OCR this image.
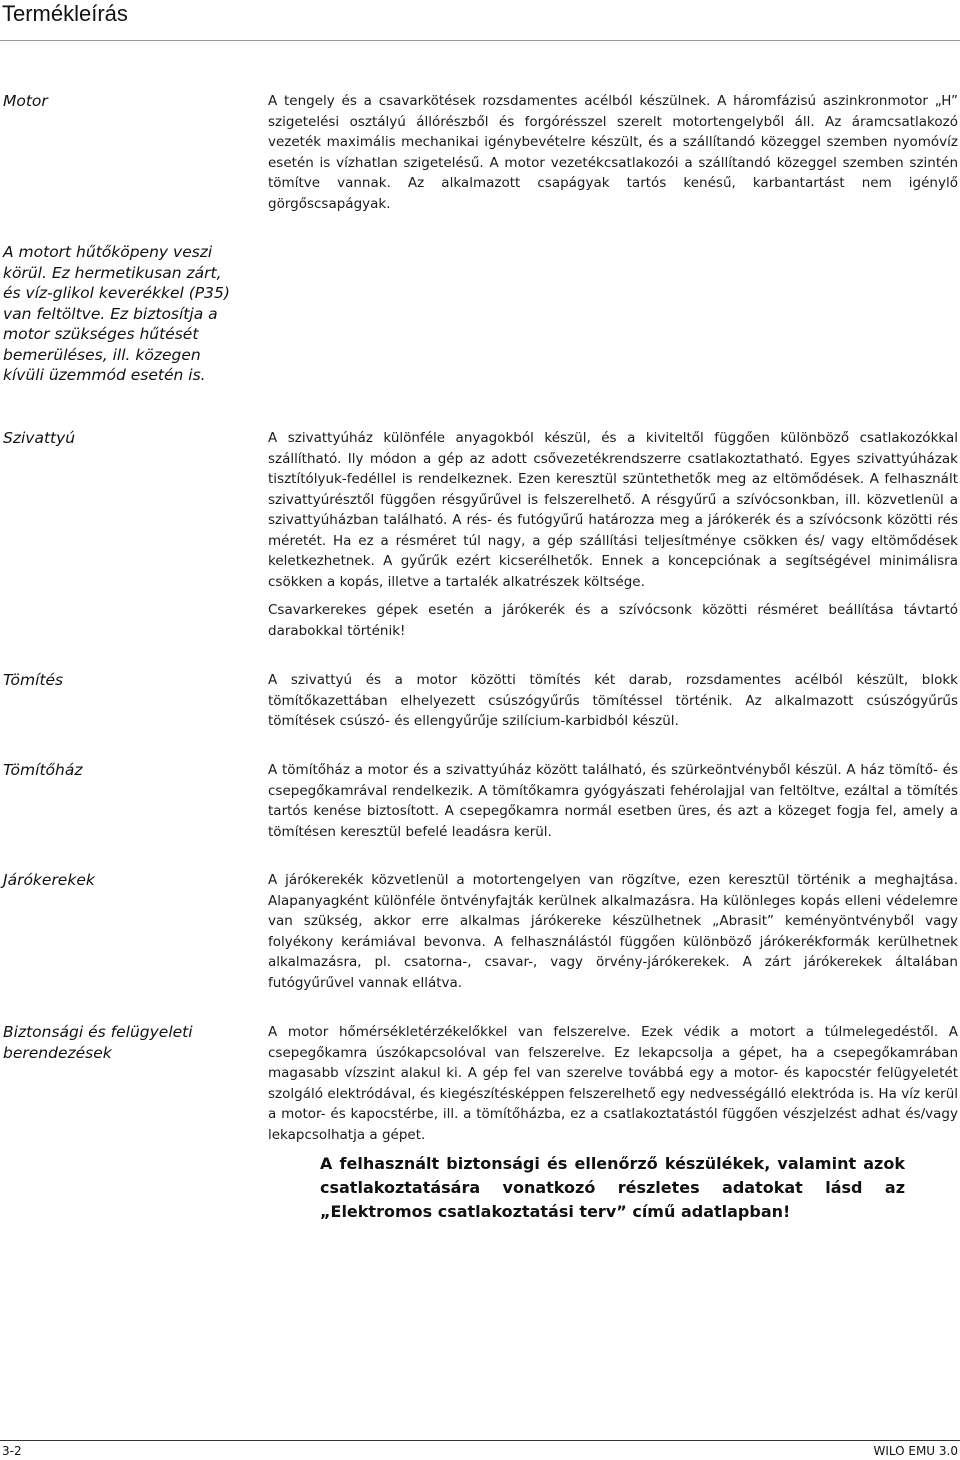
Termékleírás
Motor	A tengely és a csavarkötések rozsdamentes acélból készülnek. A háromfázisú aszinkronmotor „H” szigetelési osztályú állórészből és forgórésszel szerelt motortengelyből áll. Az áramcsatlakozó vezeték maximális mechanikai igénybevételre készült, és a szállítandó közeggel szemben nyomóvíz esetén is vízhatlan szigetelésű. A motor vezetékcsatlakozói a szállítandó közeggel szemben szintén tömítve vannak. Az alkalmazott csapágyak tartós kenésű, karbantartást nem igénylő görgőscsapágyak.

A motort hűtőköpeny veszi körül. Ez hermetikusan zárt, és víz-glikol keverékkel (P35) van feltöltve. Ez biztosítja a motor szükséges hűtését bemerüléses, ill. közegen kívüli üzemmód esetén is.
Szivattyú	A szivattyúház különféle anyagokból készül, és a kiviteltől függően különböző csatlakozókkal szállítható. Ily módon a gép az adott csővezetékrendszerre csatlakoztatható. Egyes szivattyúházak tisztítólyuk-fedéllel is rendelkeznek. Ezen keresztül szüntethetők meg az eltömődések. A felhasznált szivattyúrésztől függően résgyűrűvel is felszerelhető. A résgyűrű a szívócsonkban, ill. közvetlenül a szivattyúházban található. A rés- és futógyűrű határozza meg a járókerék és a szívócsonk közötti rés méretét. Ha ez a résméret túl nagy, a gép szállítási teljesítménye csökken és/ vagy eltömődések keletkezhetnek. A gyűrűk ezért kicserélhetők. Ennek a koncepciónak a segítségével minimálisra csökken a kopás, illetve a tartalék alkatrészek költsége.

Csavarkerekes gépek esetén a járókerék és a szívócsonk közötti résméret beállítása távtartó darabokkal történik!

Tömítés	A szivattyú és a motor közötti tömítés két darab, rozsdamentes acélból készült, blokk tömítőkazettában elhelyezett csúszógyűrűs tömítéssel történik. Az alkalmazott csúszógyűrűs tömítések csúszó- és ellengyűrűje szilícium-karbidból készül.

Tömítőház	A tömítőház a motor és a szivattyúház között található, és szürkeöntvényből készül. A ház tömítő- és csepegőkamrával rendelkezik. A tömítőkamra gyógyászati fehérolajjal van feltöltve, ezáltal a tömítés tartós kenése biztosított. A csepegőkamra normál esetben üres, és azt a közeget fogja fel, amely a tömítésen keresztül befelé leadásra kerül.

Járókerekek	A járókerekék közvetlenül a motortengelyen van rögzítve, ezen keresztül történik a meghajtása. Alapanyagként különféle öntvényfajták kerülnek alkalmazásra. Ha különleges kopás elleni védelemre van szükség, akkor erre alkalmas járókereke készülhetnek „Abrasit” keményöntvényből vagy folyékony kerámiával bevonva. A felhasználástól függően különböző járókerékformák kerülhetnek alkalmazásra, pl. csatorna-, csavar-, vagy örvény-járókerekek. A zárt járókerekek általában futógyűrűvel vannak ellátva.

Biztonsági és felügyeleti berendezések

A motor hőmérsékletérzékelőkkel van felszerelve. Ezek védik a motort a túlmelegedéstől. A csepegőkamra úszókapcsolóval van felszerelve. Ez lekapcsolja a gépet, ha a csepegőkamrában magasabb vízszint alakul ki. A gép fel van szerelve továbbá egy a motor- és kapocstér felügyeletét szolgáló elektródával, és kiegészítésképpen felszerelhető egy nedvességálló elektróda is. Ha víz kerül a motor- és kapocstérbe, ill. a tömítőházba, ez a csatlakoztatástól függően vészjelzést adhat és/vagy lekapcsolhatja a gépet.

A felhasznált biztonsági és ellenőrző készülékek, valamint azok csatlakoztatására vonatkozó részletes adatokat lásd az „Elektromos csatlakoztatási terv” című adatlapban!
3-2	WILO EMU 3.0
